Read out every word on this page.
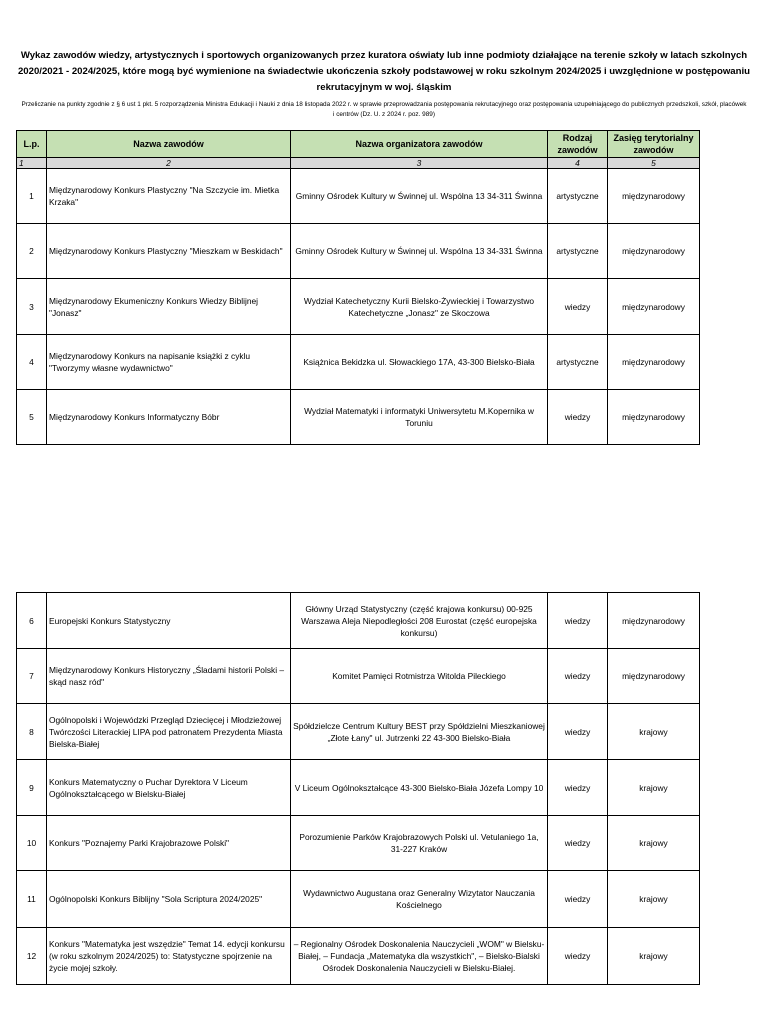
Wykaz zawodów wiedzy, artystycznych i sportowych organizowanych przez kuratora oświaty lub inne podmioty działające na terenie szkoły w latach szkolnych 2020/2021 - 2024/2025, które mogą być wymienione na świadectwie ukończenia szkoły podstawowej w roku szkolnym 2024/2025 i uwzględnione w postępowaniu rekrutacyjnym w woj. śląskim
Przeliczanie na punkty zgodnie z § 6 ust 1 pkt. 5 rozporządzenia Ministra Edukacji i Nauki z dnia 18 listopada 2022 r. w sprawie przeprowadzania postępowania rekrutacyjnego oraz postępowania uzupełniającego do publicznych przedszkoli, szkół, placówek i centrów (Dz. U. z 2024 r. poz. 989)
L.p.	Nazwa zawodów	Nazwa organizatora zawodów	Rodzaj zawodów	Zasięg terytorialny zawodów
1	2	3	4	5
1	Międzynarodowy Konkurs Plastyczny "Na Szczycie im. Mietka Krzaka"	Gminny Ośrodek Kultury w Świnnej ul. Wspólna 13 34-311 Świnna	artystyczne	międzynarodowy
2	Międzynarodowy Konkurs Plastyczny "Mieszkam w Beskidach"	Gminny Ośrodek Kultury w Świnnej ul. Wspólna 13 34-331 Świnna	artystyczne	międzynarodowy
3	Międzynarodowy Ekumeniczny Konkurs Wiedzy Biblijnej "Jonasz"	Wydział Katechetyczny Kurii Bielsko-Żywieckiej i Towarzystwo Katechetyczne „Jonasz" ze Skoczowa	wiedzy	międzynarodowy
4	Międzynarodowy Konkurs na napisanie książki z cyklu "Tworzymy własne wydawnictwo"	Książnica Bekidzka ul. Słowackiego 17A, 43-300 Bielsko-Biała	artystyczne	międzynarodowy
5	Międzynarodowy Konkurs Informatyczny Bóbr	Wydział Matematyki i informatyki Uniwersytetu M.Kopernika w Toruniu	wiedzy	międzynarodowy
6	Europejski Konkurs Statystyczny	Główny Urząd Statystyczny (część krajowa konkursu) 00-925 Warszawa Aleja Niepodległości 208 Eurostat (część europejska konkursu)	wiedzy	międzynarodowy
7	Międzynarodowy Konkurs Historyczny „Śladami historii Polski – skąd nasz ród"	Komitet Pamięci Rotmistrza Witolda Pileckiego	wiedzy	międzynarodowy
8	Ogólnopolski i Wojewódzki Przegląd Dziecięcej i Młodzieżowej Twórczości Literackiej LIPA pod patronatem Prezydenta Miasta Bielska-Białej	Spółdzielcze Centrum Kultury BEST przy Spółdzielni Mieszkaniowej „Złote Łany" ul. Jutrzenki 22 43-300 Bielsko-Biała	wiedzy	krajowy
9	Konkurs Matematyczny o Puchar Dyrektora V Liceum Ogólnokształcącego w Bielsku-Białej	V Liceum Ogólnokształcące 43-300 Bielsko-Biała Józefa Lompy 10	wiedzy	krajowy
10	Konkurs "Poznajemy Parki Krajobrazowe Polski"	Porozumienie Parków Krajobrazowych Polski ul. Vetulaniego 1a, 31-227 Kraków	wiedzy	krajowy
11	Ogólnopolski Konkurs Biblijny "Sola Scriptura 2024/2025"	Wydawnictwo Augustana oraz Generalny Wizytator Nauczania Kościelnego	wiedzy	krajowy
12	Konkurs "Matematyka jest wszędzie" Temat 14. edycji konkursu (w roku szkolnym 2024/2025) to: Statystyczne spojrzenie na życie mojej szkoły.	– Regionalny Ośrodek Doskonalenia Nauczycieli „WOM" w Bielsku-Białej, – Fundacja „Matematyka dla wszystkich", – Bielsko-Bialski Ośrodek Doskonalenia Nauczycieli w Bielsku-Białej.	wiedzy	krajowy
